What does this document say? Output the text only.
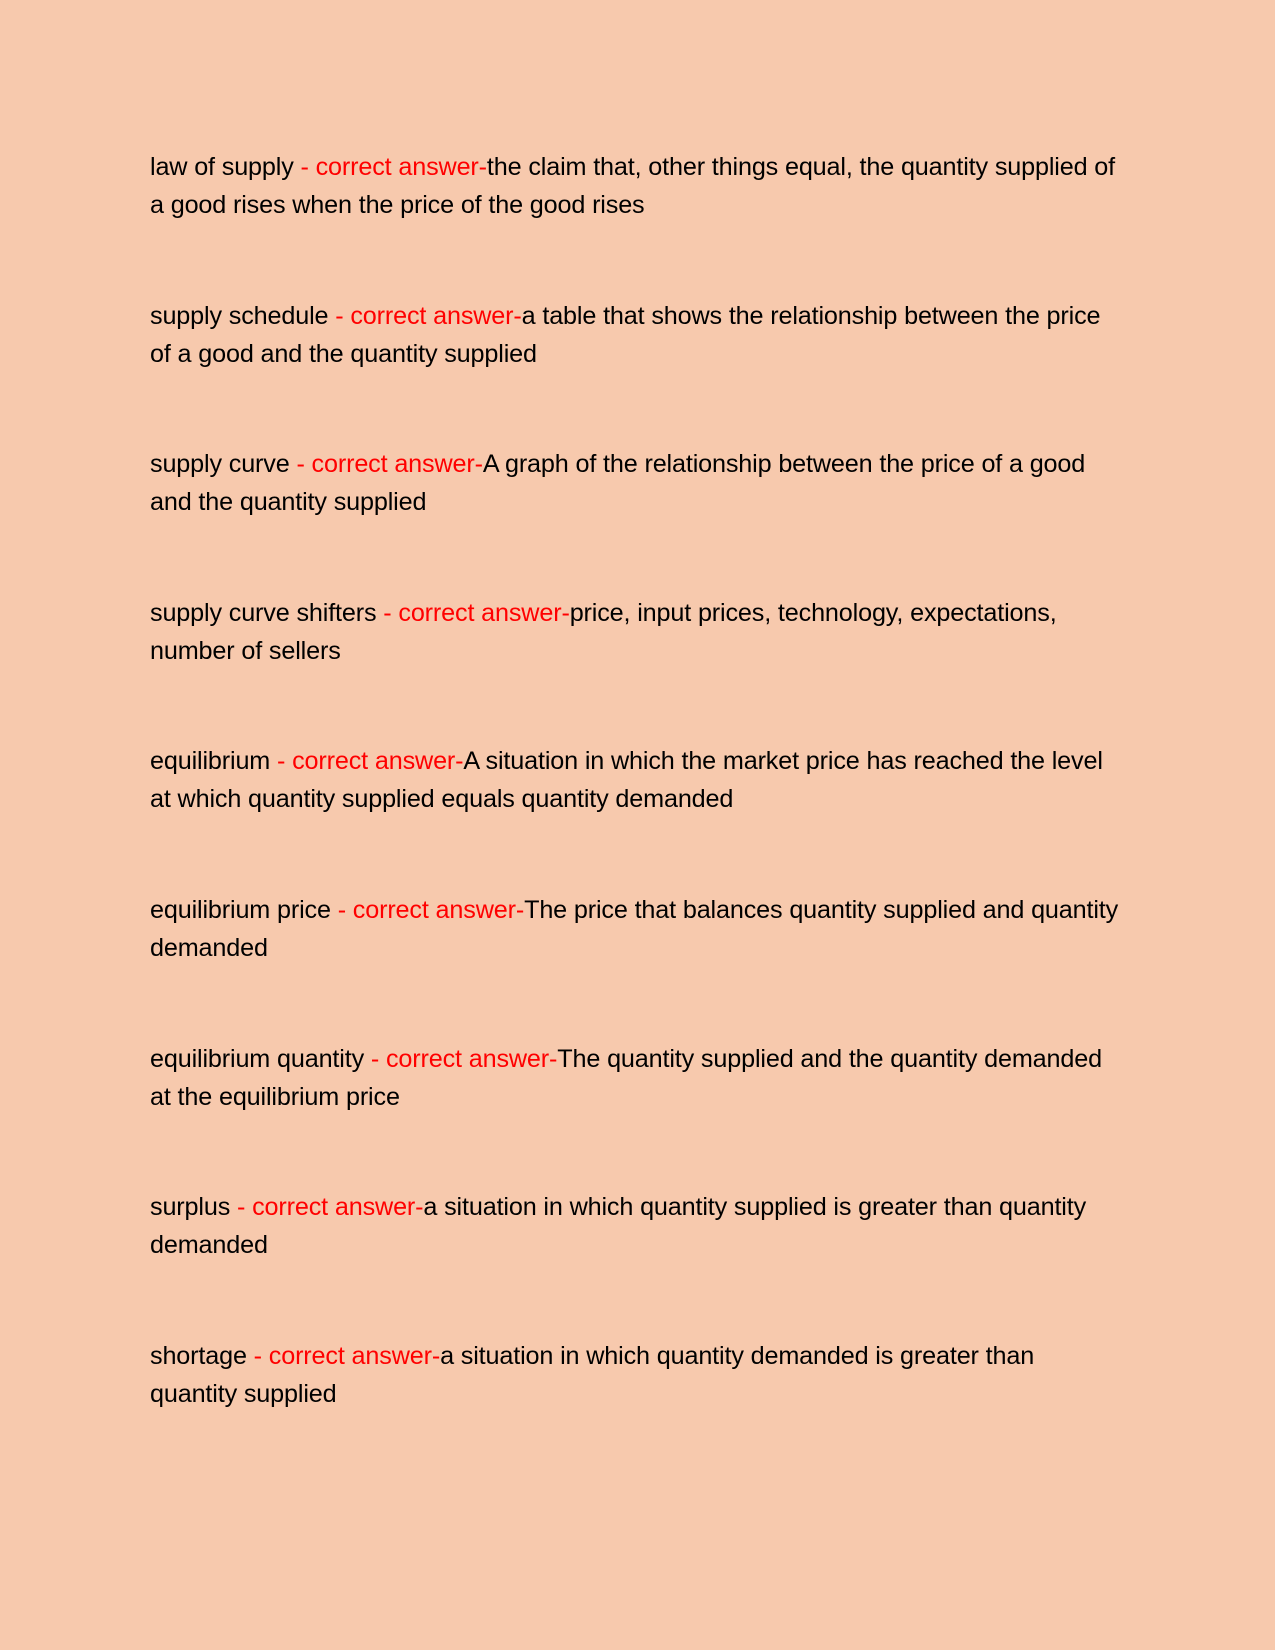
law of supply - correct answer-the claim that, other things equal, the quantity supplied of a good rises when the price of the good rises

supply schedule - correct answer-a table that shows the relationship between the price of a good and the quantity supplied

supply curve - correct answer-A graph of the relationship between the price of a good and the quantity supplied

supply curve shifters - correct answer-price, input prices, technology, expectations, number of sellers

equilibrium - correct answer-A situation in which the market price has reached the level at which quantity supplied equals quantity demanded

equilibrium price - correct answer-The price that balances quantity supplied and quantity demanded

equilibrium quantity - correct answer-The quantity supplied and the quantity demanded at the equilibrium price

surplus - correct answer-a situation in which quantity supplied is greater than quantity demanded

shortage - correct answer-a situation in which quantity demanded is greater than quantity supplied
